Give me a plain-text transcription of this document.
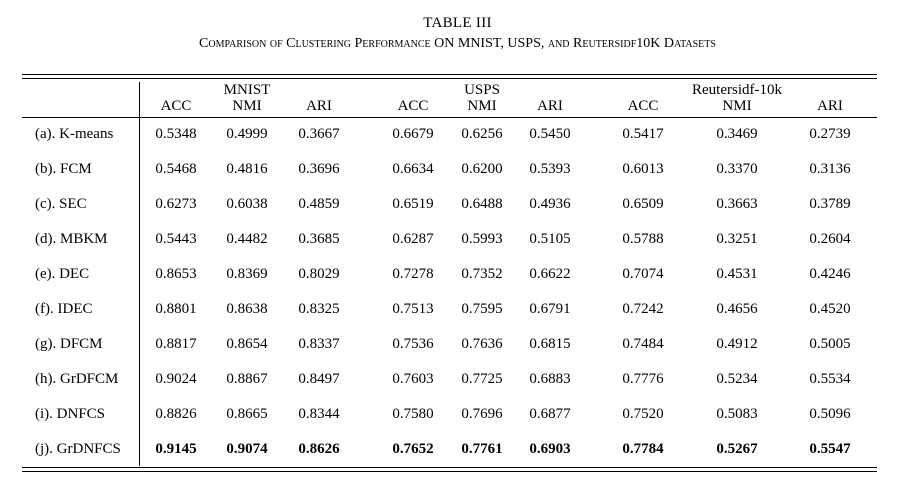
TABLE III
Comparison of Clustering Performance ON MNIST, USPS, and Reutersidf10K Datasets
MNIST	USPS	Reutersidf-10k
ACC	NMI	ARI	ACC	NMI	ARI	ACC	NMI	ARI
(a). K-means	0.5348 0.4999 0.3667	0.6679 0.6256 0.5450	0.5417	0.3469	0.2739
(b). FCM	0.5468 0.4816 0.3696	0.6634 0.6200 0.5393	0.6013	0.3370	0.3136
(c). SEC	0.6273 0.6038 0.4859	0.6519 0.6488 0.4936	0.6509	0.3663	0.3789
(d). MBKM	0.5443 0.4482 0.3685	0.6287 0.5993 0.5105	0.5788	0.3251	0.2604
(e). DEC	0.8653 0.8369 0.8029	0.7278 0.7352 0.6622	0.7074	0.4531	0.4246
(f). IDEC	0.8801 0.8638 0.8325	0.7513 0.7595 0.6791	0.7242	0.4656	0.4520
(g). DFCM	0.8817 0.8654 0.8337	0.7536 0.7636 0.6815	0.7484	0.4912	0.5005
(h). GrDFCM 0.9024 0.8867 0.8497	0.7603 0.7725 0.6883	0.7776	0.5234	0.5534
(i). DNFCS	0.8826 0.8665 0.8344	0.7580 0.7696 0.6877	0.7520	0.5083	0.5096
(j). GrDNFCS 0.9145 0.9074 0.8626	0.7652 0.7761 0.6903	0.7784	0.5267	0.5547
